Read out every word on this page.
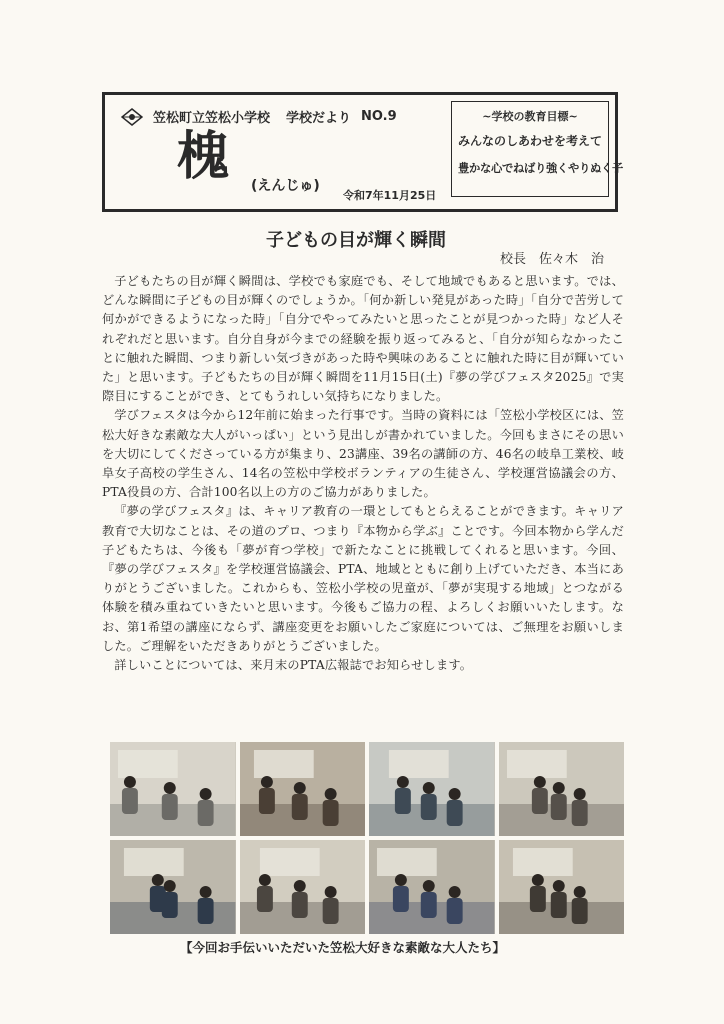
笠松町立笠松小学校 学校だより NO.9
槐 (えんじゅ)
令和7年11月25日
~学校の教育目標~
みんなのしあわせを考えて
豊かな心でねばり強くやりぬく子
子どもの目が輝く瞬間
校長　佐々木　治

子どもたちの目が輝く瞬間は、学校でも家庭でも、そして地域でもあると思います。では、どんな瞬間に子どもの目が輝くのでしょうか。「何か新しい発見があった時」「自分で苦労して何かができるようになった時」「自分でやってみたいと思ったことが見つかった時」など人それぞれだと思います。自分自身が今までの経験を振り返ってみると、「自分が知らなかったことに触れた瞬間、つまり新しい気づきがあった時や興味のあることに触れた時に目が輝いていた」と思います。子どもたちの目が輝く瞬間を11月15日(土)『夢の学びフェスタ2025』で実際目にすることができ、とてもうれしい気持ちになりました。

学びフェスタは今から12年前に始まった行事です。当時の資料には「笠松小学校区には、笠松大好きな素敵な大人がいっぱい」という見出しが書かれていました。今回もまさにその思いを大切にしてくださっている方が集まり、23講座、39名の講師の方、46名の岐阜工業校、岐阜女子高校の学生さん、14名の笠松中学校ボランティアの生徒さん、学校運営協議会の方、PTA役員の方、合計100名以上の方のご協力がありました。

『夢の学びフェスタ』は、キャリア教育の一環としてもとらえることができます。キャリア教育で大切なことは、その道のプロ、つまり『本物から学ぶ』ことです。今回本物から学んだ子どもたちは、今後も「夢が育つ学校」で新たなことに挑戦してくれると思います。今回、『夢の学びフェスタ』を学校運営協議会、PTA、地域とともに創り上げていただき、本当にありがとうございました。これからも、笠松小学校の児童が、「夢が実現する地域」とつながる体験を積み重ねていきたいと思います。今後もご協力の程、よろしくお願いいたします。なお、第1希望の講座にならず、講座変更をお願いしたご家庭については、ご無理をお願いしました。ご理解をいただきありがとうございました。

詳しいことについては、来月末のPTA広報誌でお知らせします。

【今回お手伝いいただいた笠松大好きな素敵な大人たち】
